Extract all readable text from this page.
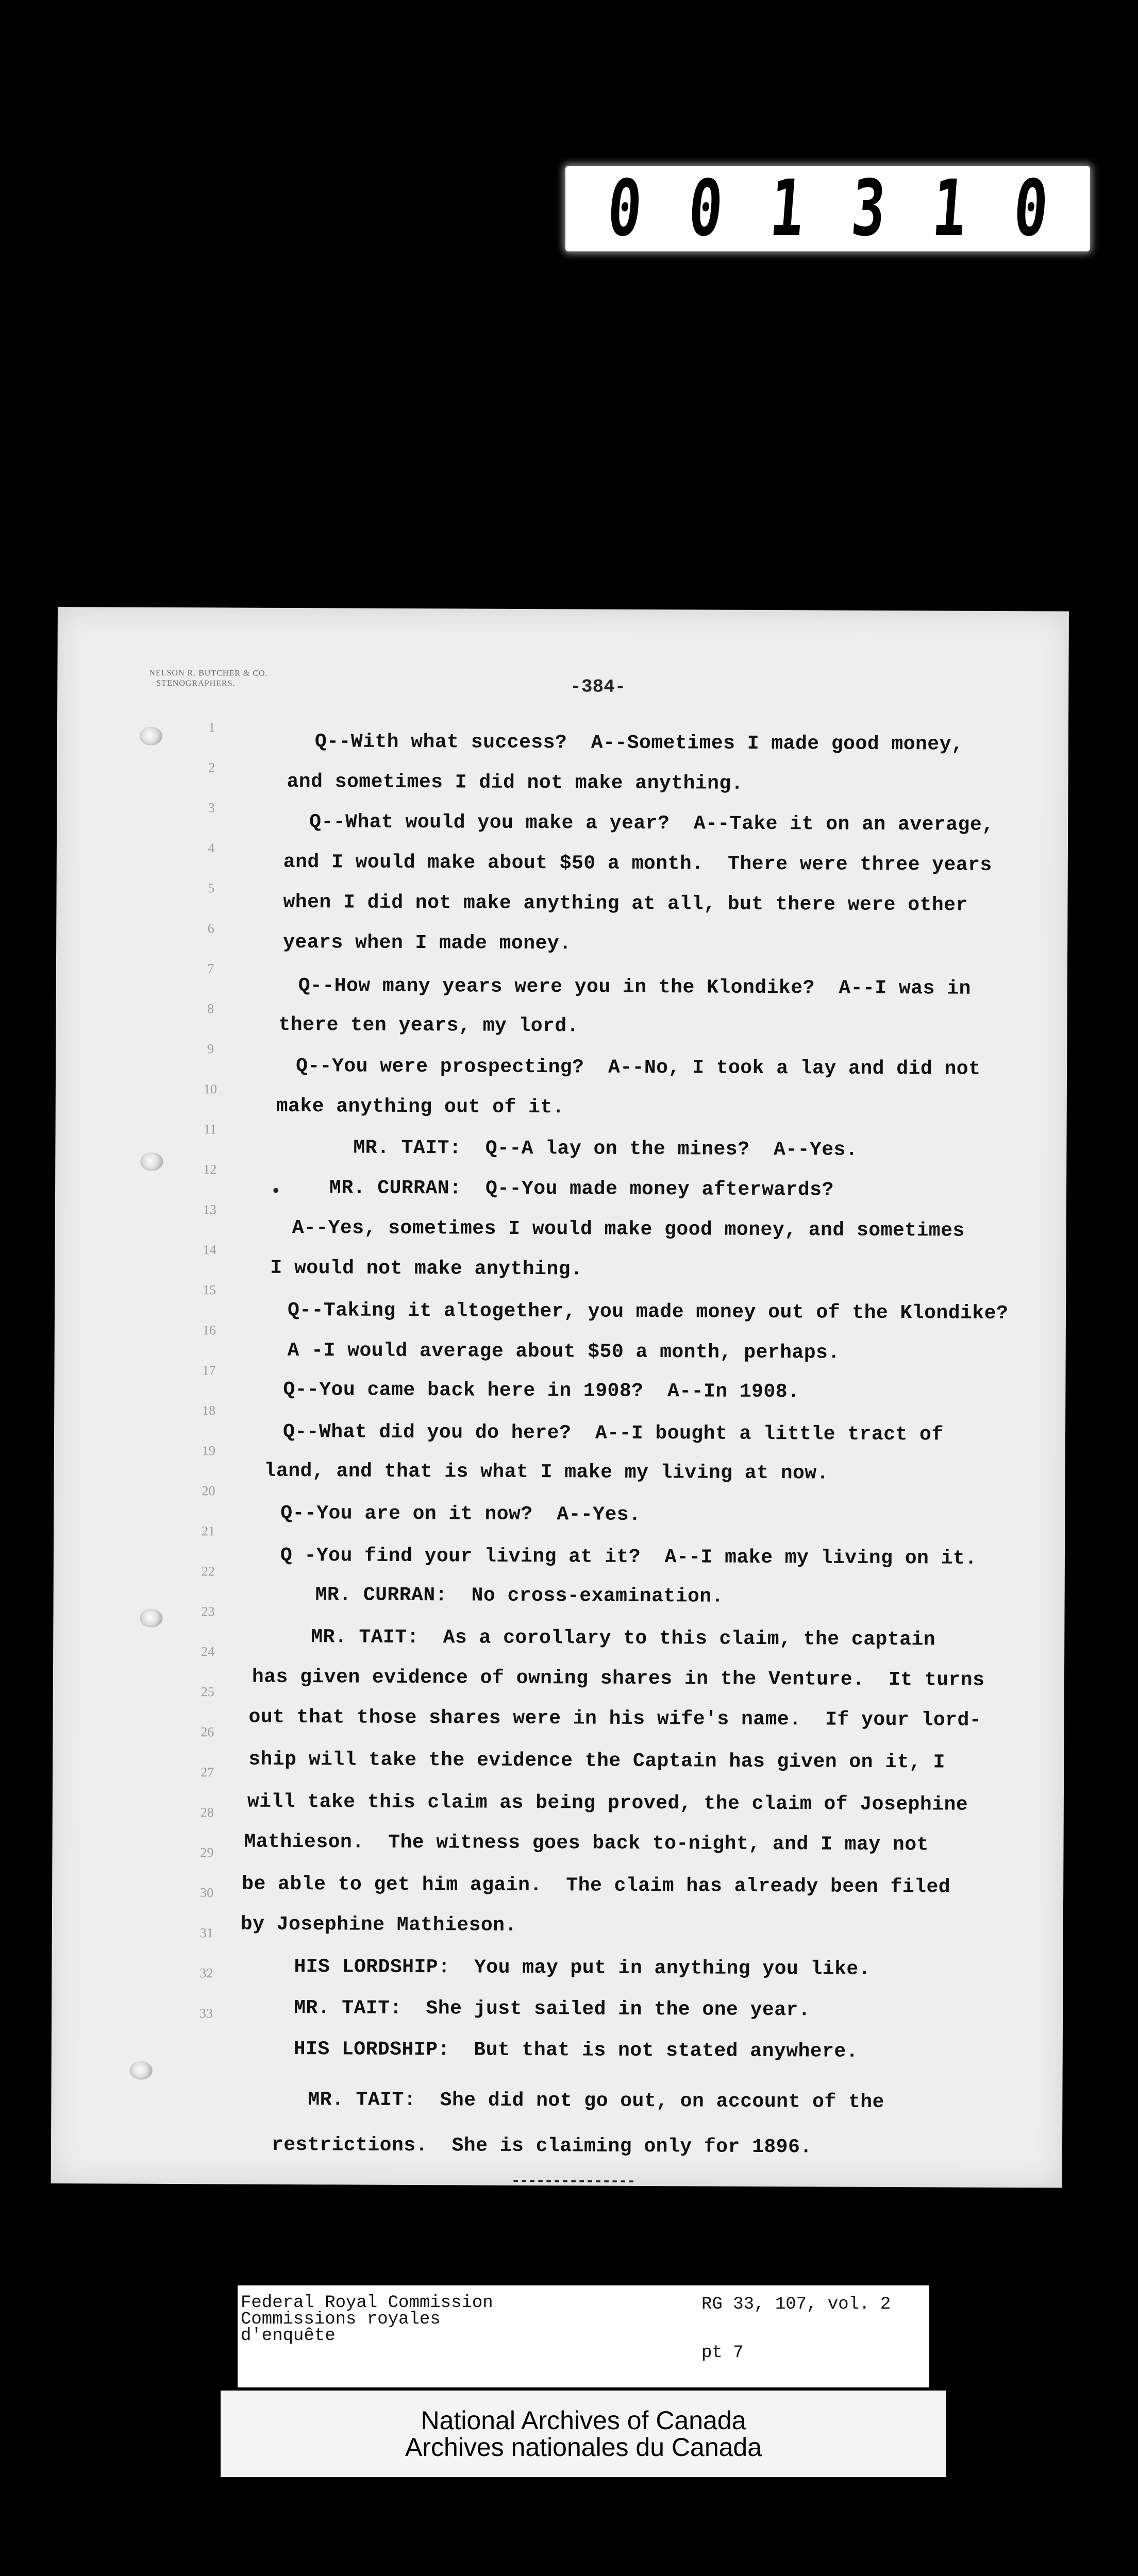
0 0 1 3 1 0
NELSON R. BUTCHER & CO.
STENOGRAPHERS.	-384-
1
2
3
4
5
6
7
8
9
10
11
12
13
14
15
16
17
18
19
20
21
22
23
24
25
26
27
28
29
30
31
32
33
•
Q--With what success?  A--Sometimes I made good money,
and sometimes I did not make anything.
Q--What would you make a year?  A--Take it on an average,
and I would make about $50 a month.  There were three years
when I did not make anything at all, but there were other
years when I made money.
Q--How many years were you in the Klondike?  A--I was in
there ten years, my lord.
Q--You were prospecting?  A--No, I took a lay and did not
make anything out of it.
MR. TAIT:  Q--A lay on the mines?  A--Yes.
MR. CURRAN:  Q--You made money afterwards?
A--Yes, sometimes I would make good money, and sometimes
I would not make anything.
Q--Taking it altogether, you made money out of the Klondike?
A -I would average about $50 a month, perhaps.
Q--You came back here in 1908?  A--In 1908.
Q--What did you do here?  A--I bought a little tract of
land, and that is what I make my living at now.
Q--You are on it now?  A--Yes.
Q -You find your living at it?  A--I make my living on it.
MR. CURRAN:  No cross-examination.
MR. TAIT:  As a corollary to this claim, the captain
has given evidence of owning shares in the Venture.  It turns
out that those shares were in his wife's name.  If your lord-
ship will take the evidence the Captain has given on it, I
will take this claim as being proved, the claim of Josephine
Mathieson.  The witness goes back to-night, and I may not
be able to get him again.  The claim has already been filed
by Josephine Mathieson.
HIS LORDSHIP:  You may put in anything you like.
MR. TAIT:  She just sailed in the one year.
HIS LORDSHIP:  But that is not stated anywhere.
MR. TAIT:  She did not go out, on account of the
restrictions.  She is claiming only for 1896.
---------------
Federal Royal Commission
Commissions royales
d'enquête
RG 33, 107, vol. 2
pt 7
National Archives of Canada
Archives nationales du Canada
